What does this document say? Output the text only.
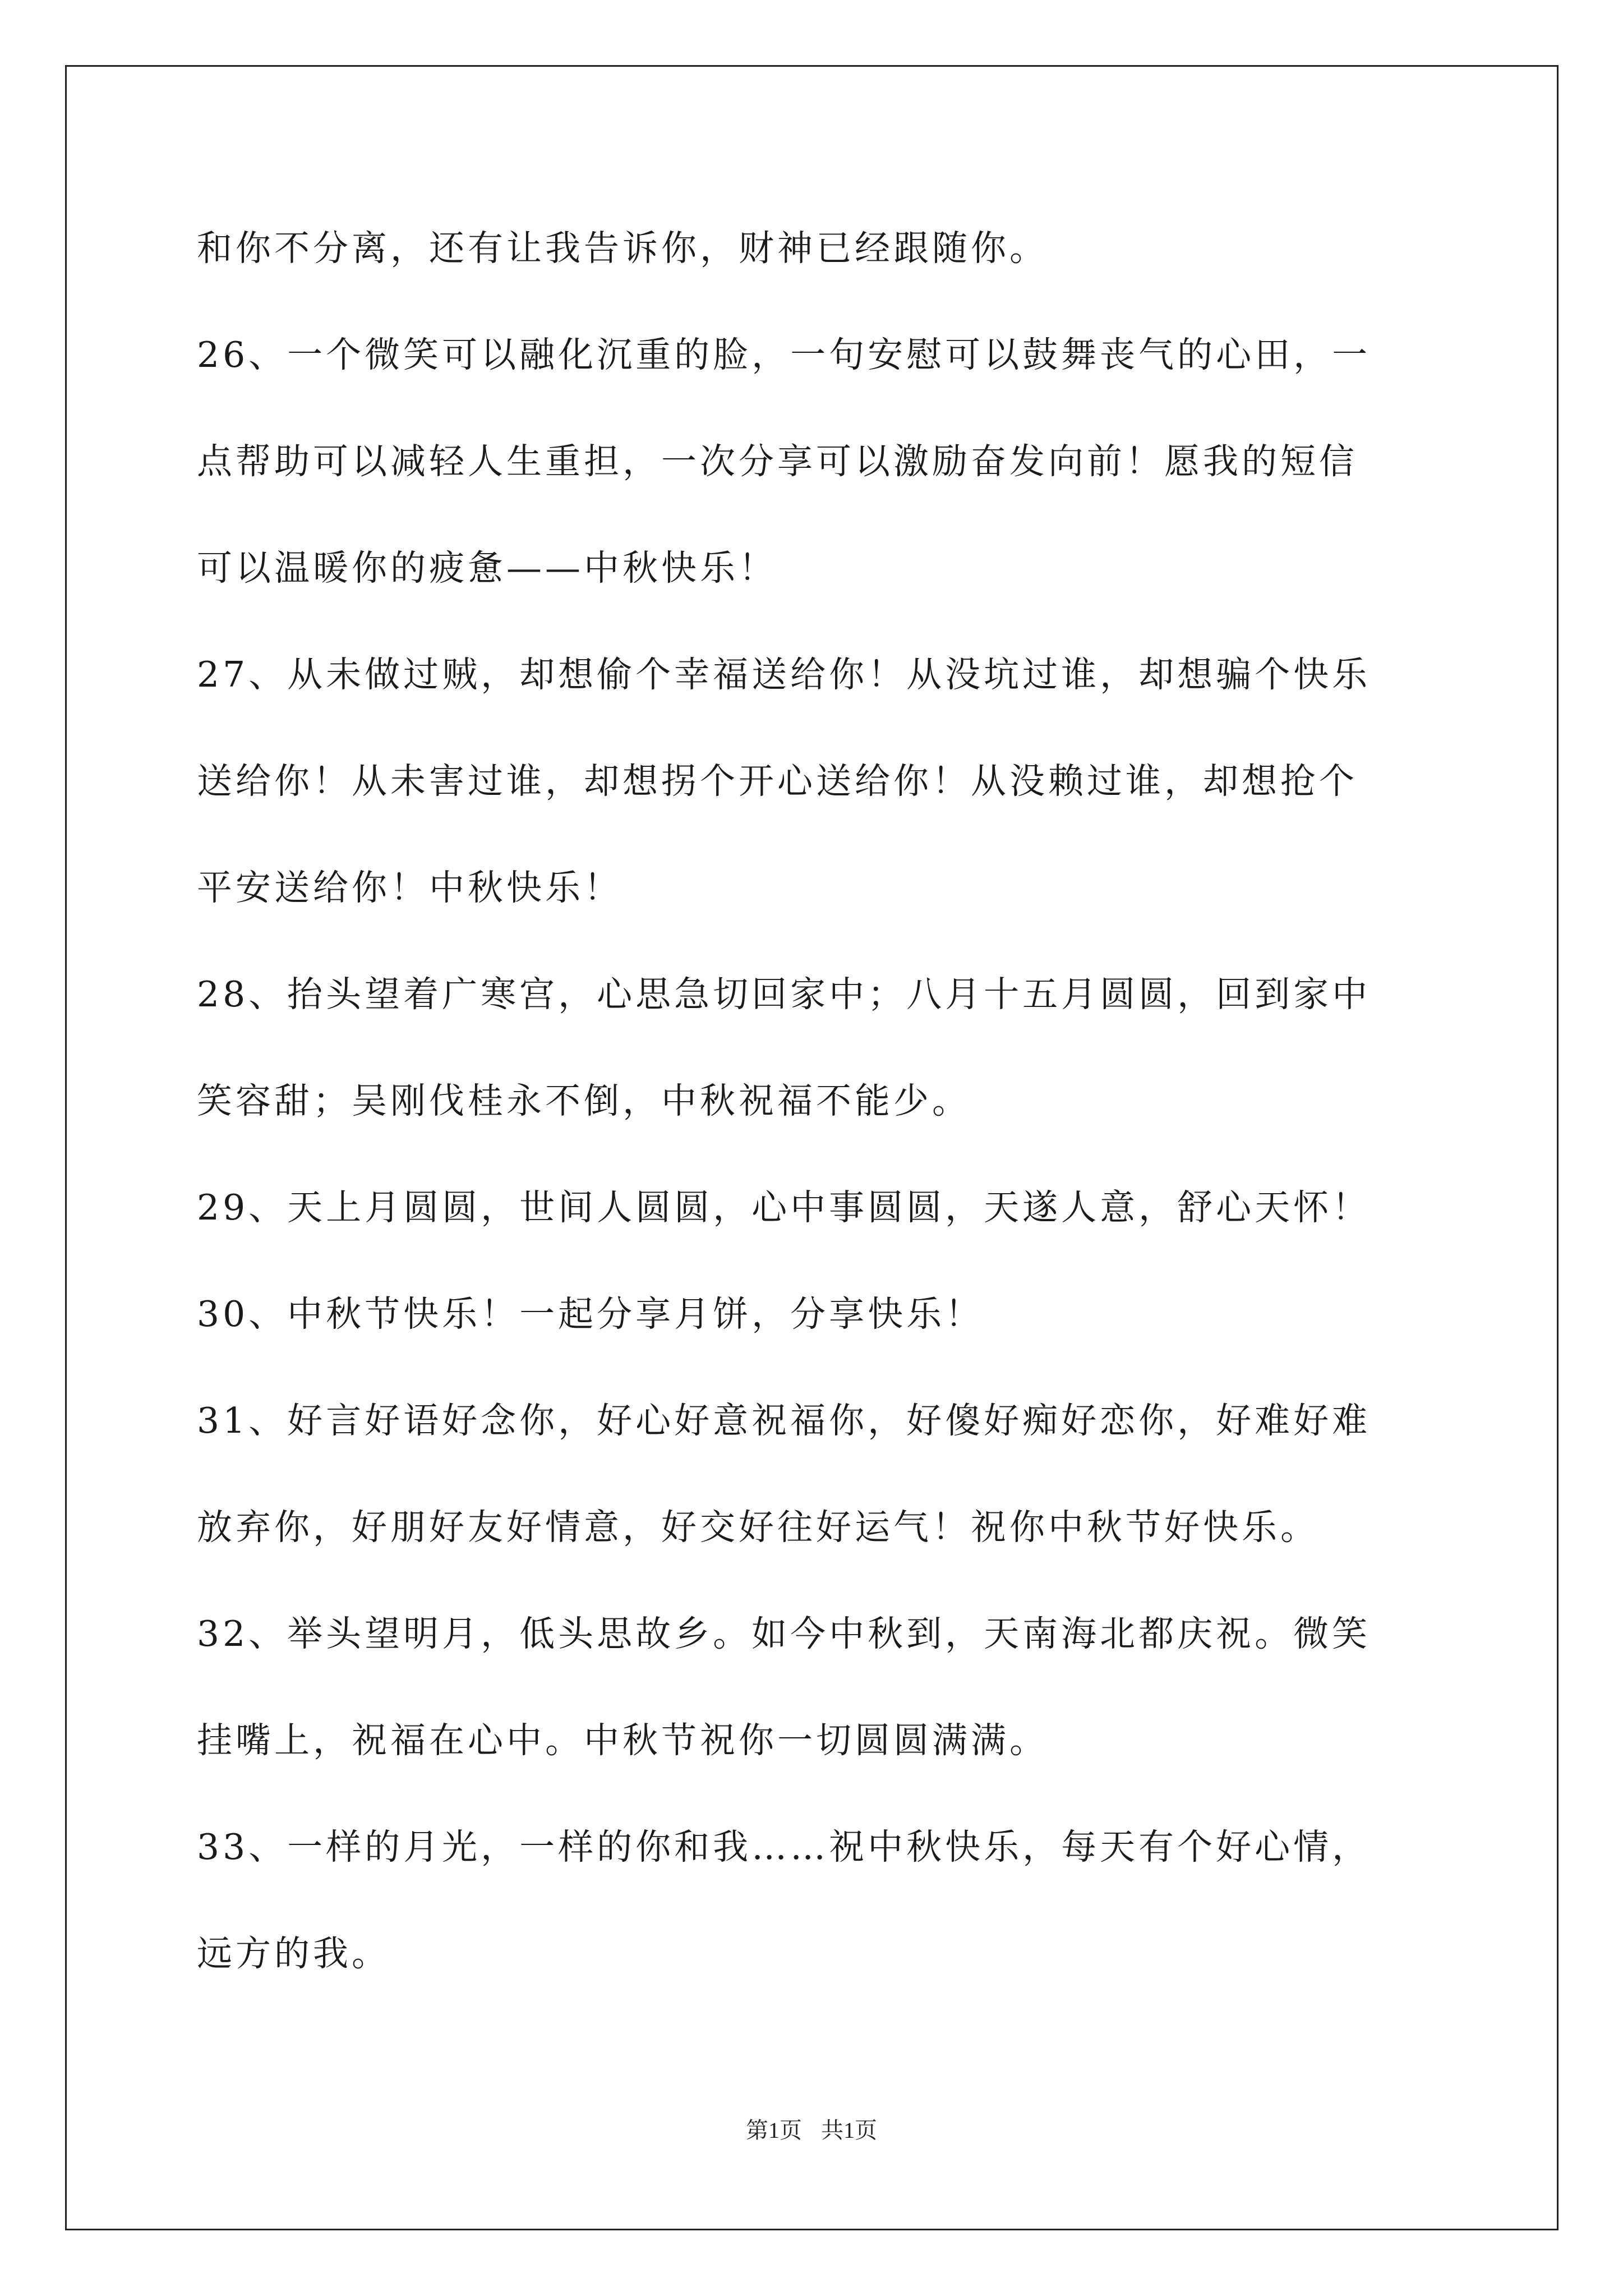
和你不分离，还有让我告诉你，财神已经跟随你。
26、一个微笑可以融化沉重的脸，一句安慰可以鼓舞丧气的心田，一
点帮助可以减轻人生重担，一次分享可以激励奋发向前！愿我的短信
可以温暖你的疲惫——中秋快乐！
27、从未做过贼，却想偷个幸福送给你！从没坑过谁，却想骗个快乐
送给你！从未害过谁，却想拐个开心送给你！从没赖过谁，却想抢个
平安送给你！中秋快乐！
28、抬头望着广寒宫，心思急切回家中；八月十五月圆圆，回到家中
笑容甜；吴刚伐桂永不倒，中秋祝福不能少。
29、天上月圆圆，世间人圆圆，心中事圆圆，天遂人意，舒心天怀！
30、中秋节快乐！一起分享月饼，分享快乐！
31、好言好语好念你，好心好意祝福你，好傻好痴好恋你，好难好难
放弃你，好朋好友好情意，好交好往好运气！祝你中秋节好快乐。
32、举头望明月，低头思故乡。如今中秋到，天南海北都庆祝。微笑
挂嘴上，祝福在心中。中秋节祝你一切圆圆满满。
33、一样的月光，一样的你和我……祝中秋快乐，每天有个好心情，
远方的我。
第1页 共1页
